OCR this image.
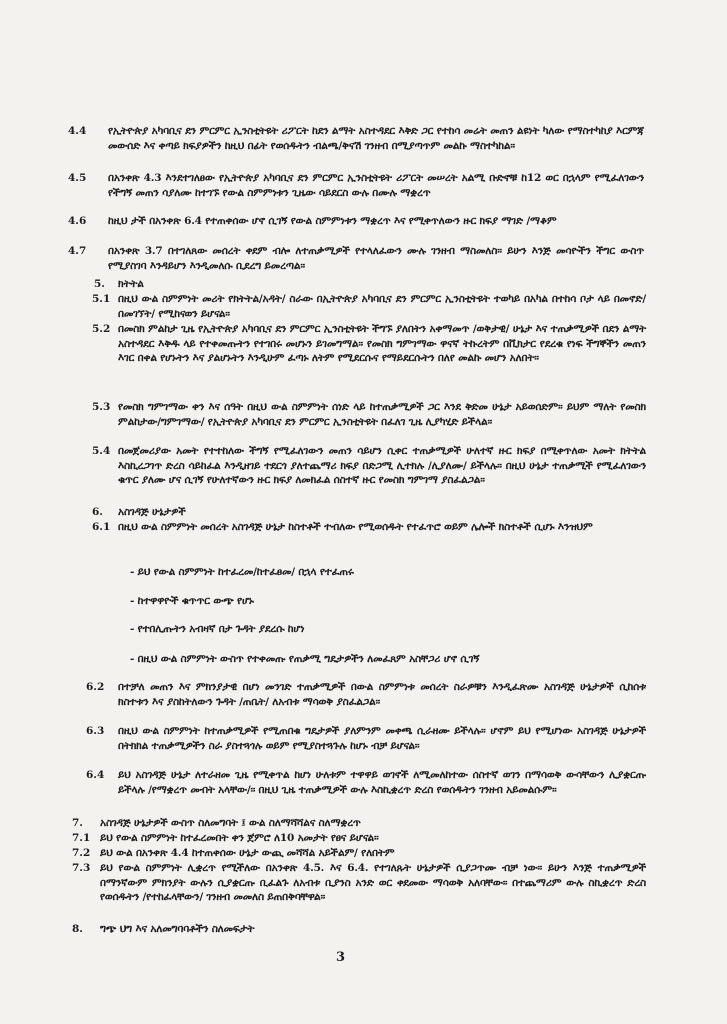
4.4 የኢትዮጵያ አካባቢና ደን ምርምር ኢንስቲትዩት ሪፖርት ከደን ልማት አስተዳደር እቅድ ጋር የተከሳ መሬት መጠን ልዩነት ካለው የማስተካከያ እርምጃ መውሰድ እና ቀጣይ ክፍያዎችን ከዚህ በፊት የወሰዱትን ብልጫ/ቅናሽ ገንዘብ በሚያጣጥም መልኩ ማስተካከል፡፡
4.5 በአንቀጽ 4.3 እንደተገለፀው የኢትዮጵያ አካባቢና ደን ምርምር ኢንስቲትዩት ሪፖርት መሠረት አልሚ ቡድኖቹ ከ12 ወር በኋላም የሚፈለገውን የችግኝ መጠን ሳያለሙ ከተገኙ የውል ስምምነቱን ጊዜው ሳይደርስ ውሉ በሙሉ ማቋረጥ
4.6 ከዚህ ታች በአንቀጽ 6.4 የተጠቀሰው ሆኖ ሲገኝ የውል ስምምነቱን ማቋረጥ እና የሚቀጥለውን ዙር ክፍያ ማገድ /ማቆም
4.7 በአንቀጽ 3.7 በተገለጸው መሰረት ቀደም ብሎ ለተጠቃሚዎች የተላለፈውን ሙሉ ገንዘብ ማስመለስ፡፡ ይሁን እንጅ መሳዮችን ችግር ውስጥ የሚያስገባ እንዳይሆን እንዲመለሱ ቢደረግ ይመረጣል፡፡
5. ክትትል
5.1 በዚህ ውል ስምምነት መሪት የክትትል/አዳት/ ስራው በኢትዮጵያ አካባቢና ደን ምርምር ኢንስቲትዩት ተወካይ በአካል በተከሳ ቦታ ላይ በመኖድ/በመገኘት/ የሚከናወን ይሆናል፡፡
5.2 በመስክ ምልከታ ጊዜ የኢትዮጵያ አካባቢና ደን ምርምር ኢንስቲትዩት ችግኙ ያለበትን አቀማመጥ /ወቅታዊ/ ሁኔታ እና ተጠቃሚዎች በደን ልማት አስተዳደር እቅዱ ላይ የተቀመጡትን የተገበሩ መሆኑን ይገመግማል፡፡ የመስክ ግምገማው ዋናኛ ትኩረትም በቪክታር የደረቁ የነፍ ችግኞችን መጠን እገር በቀል የሆኑትን እና ያልሆኑትን እንዲሁም ፈጣኑ ለትም የሚደርሱና የማይደርሱትን በለየ መልኩ መሆን አለበት፡፡
5.3 የመስክ ግምገማው ቀን እና ሰዓት በዚህ ውል ስምምነት ሰነድ ላይ ከተጠቃሚዎች ጋር እንደ ቅድመ ሁኔታ አይወሰድም፡፡ ይህም ማለት የመስክ ምልከታው/ግምገማው/ የኢትዮጵያ አካባቢና ደን ምርምር ኢንስቲትዩት በፈለገ ጊዜ ሊያካሂድ ይችላል፡፡
5.4 በመጀመሪያው አመት የተተከለው ችግኝ የሚፈለገውን መጠን ሳይሆን ሲቀር ተጠቃሚዎች ሁለተኛ ዙር ክፍያ በሚቀጥለው አመት ክትትል እስኪረጋገጥ ድረስ ሳይከፈል እንዲዘገይ ተደርጎ ያለተጨማሪ ክፍያ በድጋሚ ሊተክሉ /ሊያለሙ/ ይችላሉ፡፡ በዚህ ሁኔታ ተጠቃሚች የሚፈለገውን ቁጥር ያለሙ ሆና ሲገኝ የሁለተኛውን ዙር ክፍያ ለመክፈል ሰስተኛ ዙር የመስክ ግምገማ ያስፈልጋል፡፡
6. አስገዳጅ ሁኔታዎች
6.1 በዚህ ውል ስምምነት መሰረት አስገዳጅ ሁኔታ ከስተቶች ተብለው የሚወሰዱት የተፈጥሮ ወይም ሌሎች ክስተቶች ሲሆኑ እንዝህም
- ይህ የውል ስምምነት ከተፈረመ/ከተፈፀመ/ በኋላ የተፈጠሩ
- ከተዋዋዮች ቁጥጥር ውጭ የሆኑ
- የተበሊጡትን አብዛኛ በታ ጉዳት ያደረሱ ከሆነ
- በዚህ ውል ስምምነት ውስጥ የተቀመጡ የጠቃሚ ግዴታዎችን ለመፈጸም አስቸጋሪ ሆኖ ሲገኝ
6.2 በተቻለ መጠን እና ምክንያታዊ በሆነ መንገድ ተጠቃሚዎች በውል ስምምነቱ መሰረት ስራዎቹን እንዲፈጽሙ አስገዳጅ ሁኔታዎች ሲከሰቱ ክስተቱን እና ያስከትለውን ጉዳት /ጠቤት/ ለአብቱ ማሳወቅ ያስፈልጋል፡፡
6.3 በዚህ ውል ስምምነት ከተጠቃሚዎች የሚጠበቁ ግዴታዎች ያለምንም መቀጫ ሲራዘሙ ይችላሉ፡፡ ሆኖም ይህ የሚሆነው አስገዳጅ ሁኔታዎች በትክክል ተጠቃሚዎችን ስራ ያስተጓጎሉ ወይም የሚያስተጓጉሉ ከሆኑ ብቻ ይሆናል፡፡
6.4 ይህ አስገዳጅ ሁኔታ ለተራዘመ ጊዜ የሚቀጥል ከሆነ ሁለቱም ተዋዋይ ወገኖች ለሚመለከተው ሰስተኛ ወገን በማሳወቅ ውሳቸውን ሊያቋርጡ ይችላሉ /የማቋረጥ መብት አላቸው/፡፡ በዚህ ጊዜ ተጠቃሚዎች ውሉ እስኪቋረጥ ድረስ የወሰዱትን ገንዘብ አይመልሱም፡፡
7. አስገዳጅ ሁኔታዎች ውስጥ ስለመግባት ፤ ውል ስለማሻሻልና ስለማቋረጥ
7.1 ይህ የውል ስምምነት ከተፈረመበት ቀን ጀምሮ ለ10 አመታት የፀና ይሆናል፡፡
7.2 ይህ ውል በአንቀጽ 4.4 ከተጠቀሰው ሁኔታ ውጪ መሻሻል አይችልም/ የለበትም
7.3 ይህ የውል ስምምነት ሊቋረጥ የሚችለው በአንቀጽ 4.5. እና 6.4. የተገለጹት ሁኔታዎች ሲያጋጥሙ ብቻ ነው፡፡ ይሁን እንጅ ተጠቃሚዎች በማንኛውም ምክንያት ውሉን ሲያቋርጡ ቢፈልጉ ለአብቱ ቢያንስ አንድ ወር ቀደመው ማሳወቅ አለባቸው፡፡ በተጨማሪም ውሉ ስኪቋረጥ ድረስ የወሰዱትን /የተከፈላቸውን/ ገንዘብ መመለስ ይጠበቅባቸዋል፡፡
8. ግጭ ህግ እና አለመግባባቶችን ስለመፍታት
3
